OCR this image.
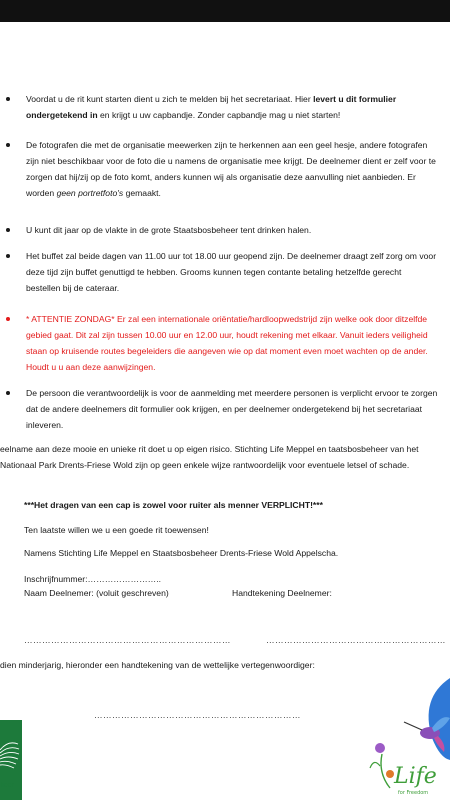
Voordat u de rit kunt starten dient u zich te melden bij het secretariaat. Hier levert u dit formulier ondergetekend in en krijgt u uw capbandje. Zonder capbandje mag u niet starten!
De fotografen die met de organisatie meewerken zijn te herkennen aan een geel hesje, andere fotografen zijn niet beschikbaar voor de foto die u namens de organisatie mee krijgt. De deelnemer dient er zelf voor te zorgen dat hij/zij op de foto komt, anders kunnen wij als organisatie deze aanvulling niet aanbieden. Er worden geen portretfoto's gemaakt.
U kunt dit jaar op de vlakte in de grote Staatsbosbeheer tent drinken halen.
Het buffet zal beide dagen van 11.00 uur tot 18.00 uur geopend zijn. De deelnemer draagt zelf zorg om voor deze tijd zijn buffet genuttigd te hebben. Grooms kunnen tegen contante betaling hetzelfde gerecht bestellen bij de cateraar.
* ATTENTIE ZONDAG* Er zal een internationale oriëntatie/hardloopwedstrijd zijn welke ook door ditzelfde gebied gaat. Dit zal zijn tussen 10.00 uur en 12.00 uur, houdt rekening met elkaar. Vanuit ieders veiligheid staan op kruisende routes begeleiders die aangeven wie op dat moment even moet wachten op de ander. Houdt u u aan deze aanwijzingen.
De persoon die verantwoordelijk is voor de aanmelding met meerdere personen is verplicht ervoor te zorgen dat de andere deelnemers dit formulier ook krijgen, en per deelnemer ondergetekend bij het secretariaat inleveren.
eelname aan deze mooie en unieke rit doet u op eigen risico. Stichting Life Meppel en taatsbosbeheer van het Nationaal Park Drents-Friese Wold zijn op geen enkele wijze rantwoordelijk voor eventuele letsel of schade.
***Het dragen van een cap is zowel voor ruiter als menner VERPLICHT!***
Ten laatste willen we u een goede rit toewensen!
Namens Stichting Life Meppel en Staatsbosbeheer Drents-Friese Wold Appelscha.
Inschrijfnummer:……………………..
Naam Deelnemer: (voluit geschreven)	Handtekening Deelnemer:
……………………………………………………………	……………………………………………………
dien minderjarig, hieronder een handtekening van de wettelijke vertegenwoordiger:
……………………………………………………………
heer	Life
for Freedom
